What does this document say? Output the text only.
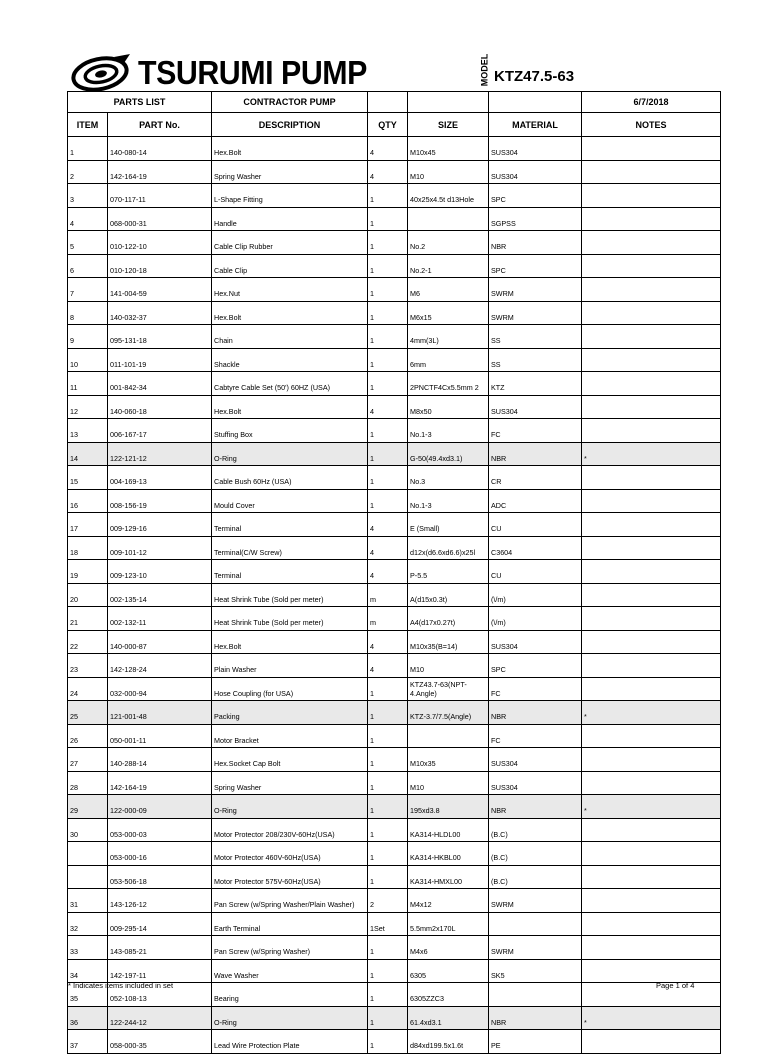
TSURUMI PUMP	MODEL KTZ47.5-63
PARTS LIST		CONTRACTOR PUMP				6/7/2018
ITEM	PART No.	DESCRIPTION	QTY	SIZE	MATERIAL	NOTES
1	140-080-14	Hex.Bolt	4	M10x45	SUS304	
2	142-164-19	Spring Washer	4	M10	SUS304	
3	070-117-11	L-Shape Fitting	1	40x25x4.5t d13Hole	SPC	
4	068-000-31	Handle	1		SGPSS	
5	010-122-10	Cable Clip Rubber	1	No.2	NBR	
6	010-120-18	Cable Clip	1	No.2-1	SPC	
7	141-004-59	Hex.Nut	1	M6	SWRM	
8	140-032-37	Hex.Bolt	1	M6x15	SWRM	
9	095-131-18	Chain	1	4mm(3L)	SS	
10	011-101-19	Shackle	1	6mm	SS	
11	001-842-34	Cabtyre Cable Set (50') 60HZ (USA)	1	2PNCTF4Cx5.5mm 2	KTZ	
12	140-060-18	Hex.Bolt	4	M8x50	SUS304	
13	006-167-17	Stuffing Box	1	No.1-3	FC	
14	122-121-12	O-Ring	1	G-50(49.4xd3.1)	NBR	*
15	004-169-13	Cable Bush 60Hz (USA)	1	No.3	CR	
16	008-156-19	Mould Cover	1	No.1-3	ADC	
17	009-129-16	Terminal	4	E (Small)	CU	
18	009-101-12	Terminal(C/W Screw)	4	d12x(d6.6xd6.6)x25l	C3604	
19	009-123-10	Terminal	4	P-5.5	CU	
20	002-135-14	Heat Shrink Tube (Sold per meter)	m	A(d15x0.3t)	(\/m)	
21	002-132-11	Heat Shrink Tube (Sold per meter)	m	A4(d17x0.27t)	(\/m)	
22	140-000-87	Hex.Bolt	4	M10x35(B=14)	SUS304	
23	142-128-24	Plain Washer	4	M10	SPC	
24	032-000-94	Hose Coupling (for USA)	1	KTZ43.7-63(NPT-4.Angle)	FC	
25	121-001-48	Packing	1	KTZ-3.7/7.5(Angle)	NBR	*
26	050-001-11	Motor Bracket	1		FC	
27	140-288-14	Hex.Socket Cap Bolt	1	M10x35	SUS304	
28	142-164-19	Spring Washer	1	M10	SUS304	
29	122-000-09	O-Ring	1	195xd3.8	NBR	*
30	053-000-03	Motor Protector 208/230V-60Hz(USA)	1	KA314-HLDL00	(B.C)	
	053-000-16	Motor Protector 460V-60Hz(USA)	1	KA314-HKBL00	(B.C)	
	053-506-18	Motor Protector 575V-60Hz(USA)	1	KA314-HMXL00	(B.C)	
31	143-126-12	Pan Screw (w/Spring Washer/Plain Washer)	2	M4x12	SWRM	
32	009-295-14	Earth Terminal	1Set	5.5mm2x170L		
33	143-085-21	Pan Screw (w/Spring Washer)	1	M4x6	SWRM	
34	142-197-11	Wave Washer	1	6305	SK5	
35	052-108-13	Bearing	1	6305ZZC3		
36	122-244-12	O-Ring	1	61.4xd3.1	NBR	*
37	058-000-35	Lead Wire Protection Plate	1	d84xd199.5x1.6t	PE	
* Indicates items included in set	Page 1 of 4
